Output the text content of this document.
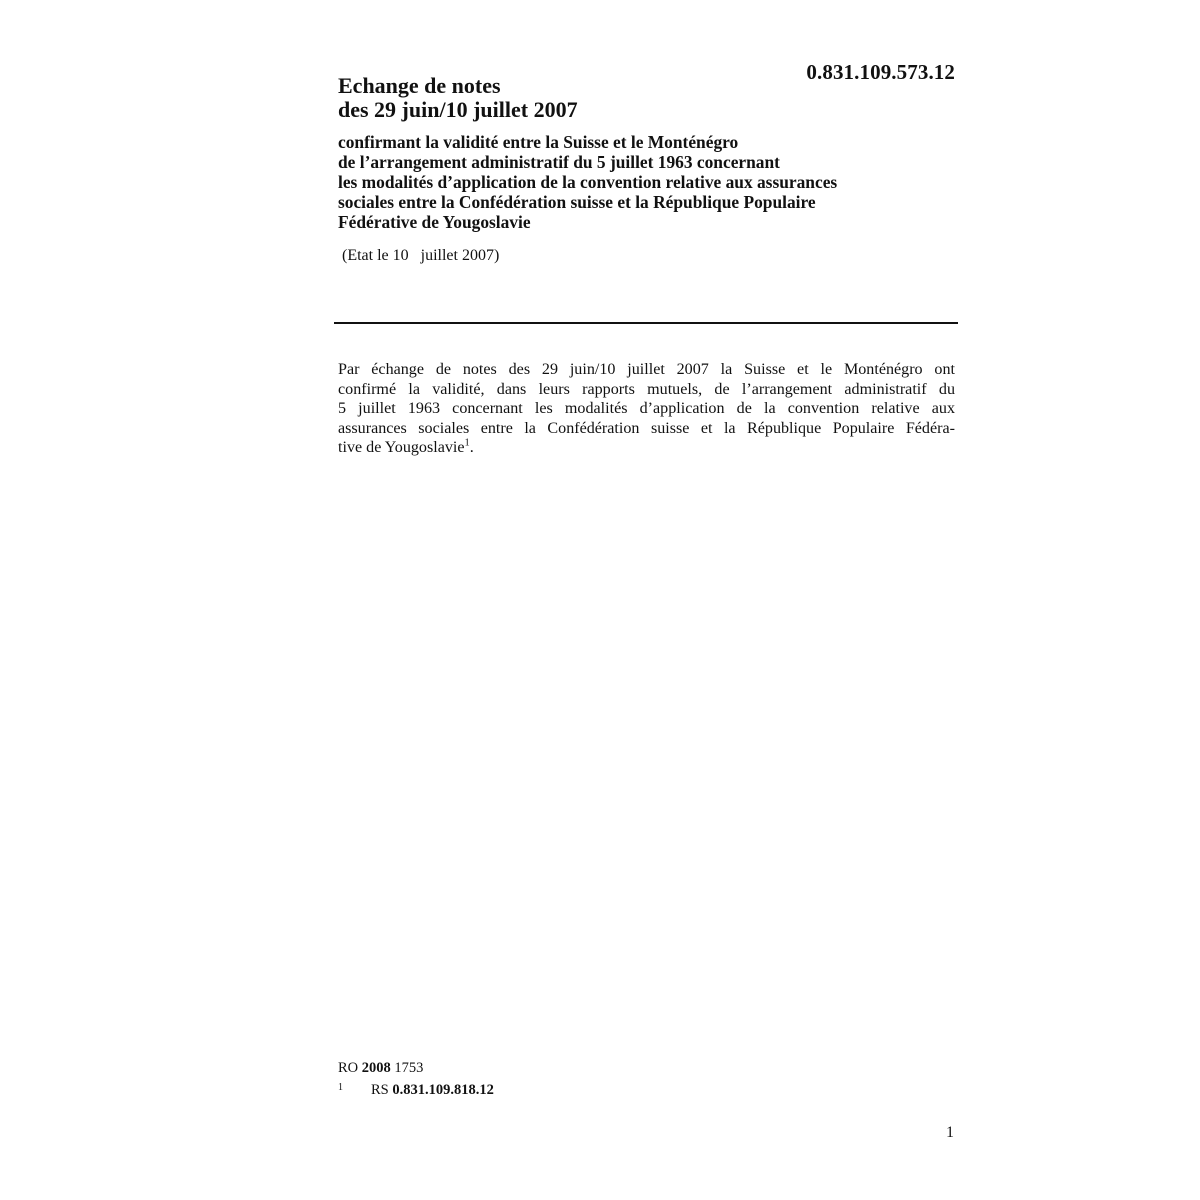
0.831.109.573.12
Echange de notes
des 29 juin/10 juillet 2007
confirmant la validité entre la Suisse et le Monténégro
de l’arrangement administratif du 5 juillet 1963 concernant
les modalités d’application de la convention relative aux assurances
sociales entre la Confédération suisse et la République Populaire
Fédérative de Yougoslavie
(Etat le 10   juillet 2007)

Par échange de notes des 29 juin/10 juillet 2007 la Suisse et le Monténégro ont
confirmé la validité, dans leurs rapports mutuels, de l’arrangement administratif du
5 juillet 1963 concernant les modalités d’application de la convention relative aux
assurances sociales entre la Confédération suisse et la République Populaire Fédéra-
tive de Yougoslavie$^1$.

RO 2008 1753
1 RS 0.831.109.818.12
1
